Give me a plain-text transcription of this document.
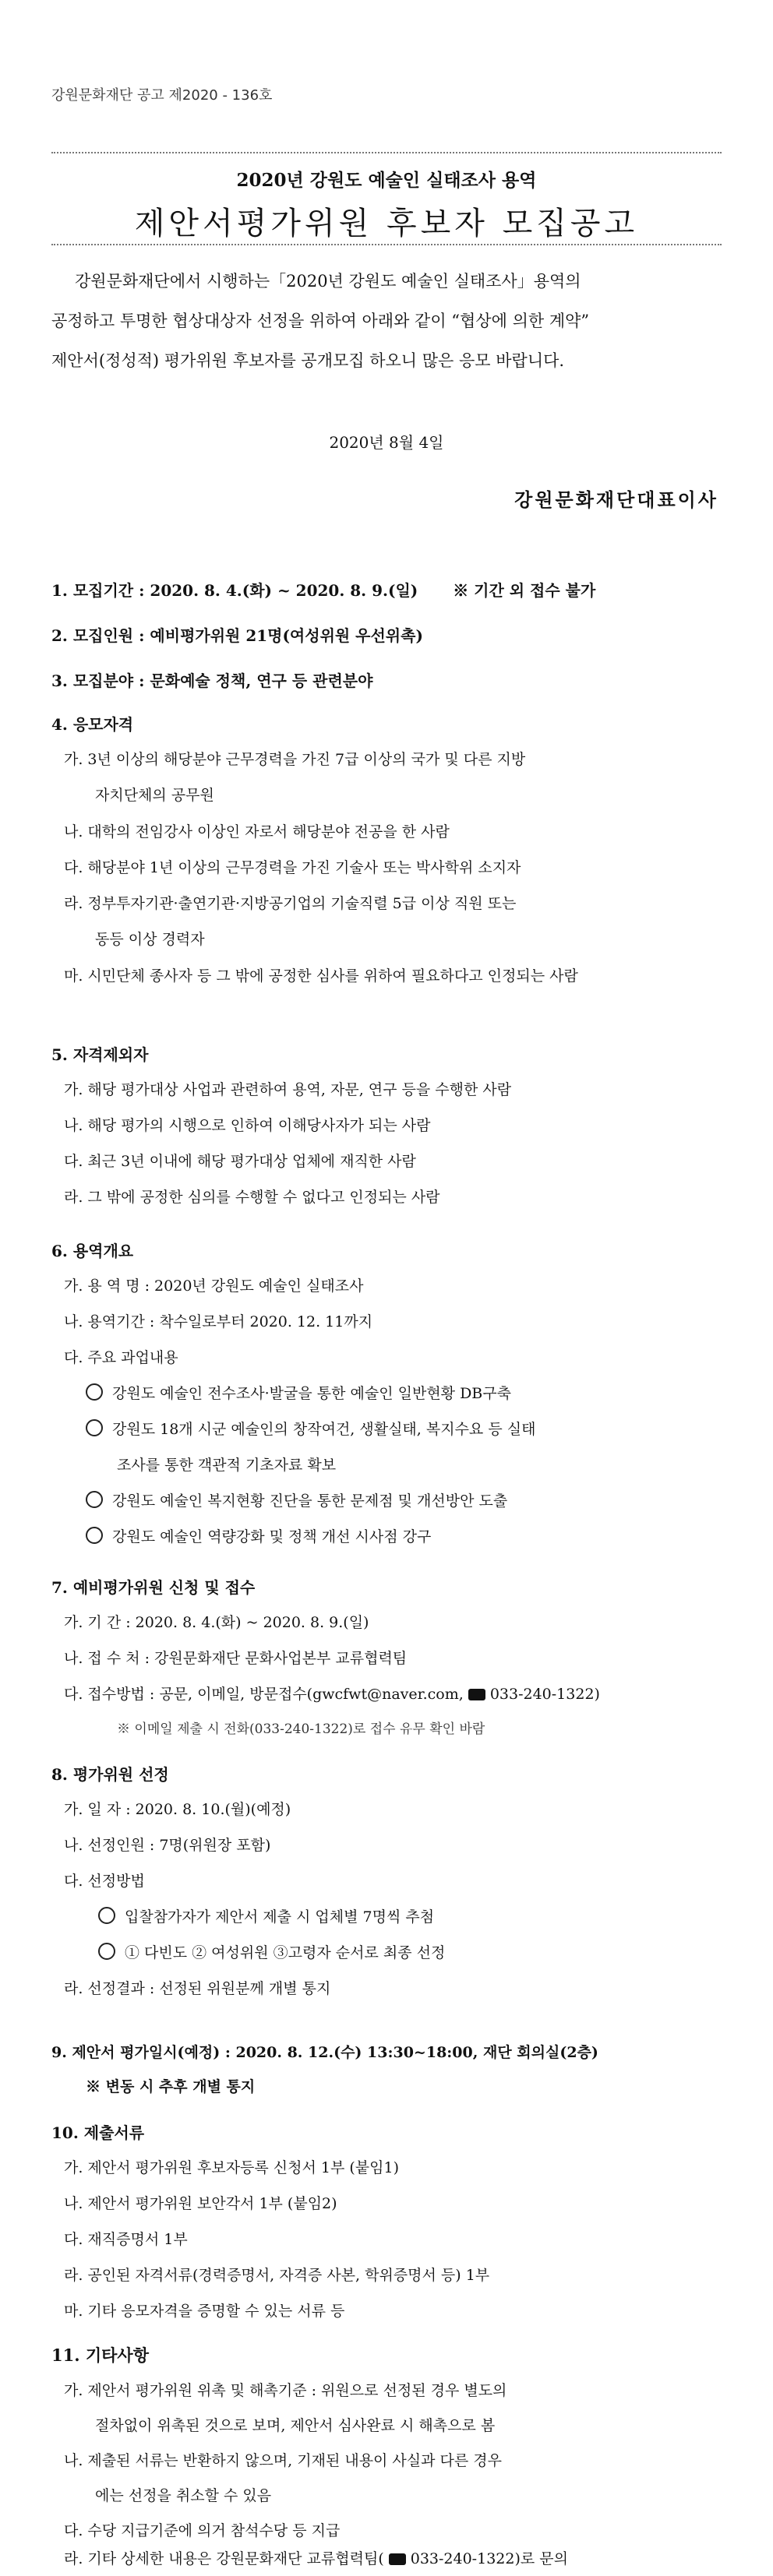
강원문화재단 공고 제2020 - 136호
2020년 강원도 예술인 실태조사 용역
제안서평가위원 후보자 모집공고
강원문화재단에서 시행하는「2020년 강원도 예술인 실태조사」용역의
공정하고 투명한 협상대상자 선정을 위하여 아래와 같이 “협상에 의한 계약”
제안서(정성적) 평가위원 후보자를 공개모집 하오니 많은 응모 바랍니다.
2020년 8월 4일
강원문화재단대표이사
1. 모집기간 : 2020. 8. 4.(화) ~ 2020. 8. 9.(일) ※ 기간 외 접수 불가
2. 모집인원 : 예비평가위원 21명(여성위원 우선위촉)
3. 모집분야 : 문화예술 정책, 연구 등 관련분야
4. 응모자격
가. 3년 이상의 해당분야 근무경력을 가진 7급 이상의 국가 및 다른 지방
자치단체의 공무원
나. 대학의 전임강사 이상인 자로서 해당분야 전공을 한 사람
다. 해당분야 1년 이상의 근무경력을 가진 기술사 또는 박사학위 소지자
라. 정부투자기관·출연기관·지방공기업의 기술직렬 5급 이상 직원 또는
동등 이상 경력자
마. 시민단체 종사자 등 그 밖에 공정한 심사를 위하여 필요하다고 인정되는 사람
5. 자격제외자
가. 해당 평가대상 사업과 관련하여 용역, 자문, 연구 등을 수행한 사람
나. 해당 평가의 시행으로 인하여 이해당사자가 되는 사람
다. 최근 3년 이내에 해당 평가대상 업체에 재직한 사람
라. 그 밖에 공정한 심의를 수행할 수 없다고 인정되는 사람
6. 용역개요
가. 용 역 명 : 2020년 강원도 예술인 실태조사
나. 용역기간 : 착수일로부터 2020. 12. 11까지
다. 주요 과업내용
강원도 예술인 전수조사·발굴을 통한 예술인 일반현황 DB구축
강원도 18개 시군 예술인의 창작여건, 생활실태, 복지수요 등 실태
조사를 통한 객관적 기초자료 확보
강원도 예술인 복지현황 진단을 통한 문제점 및 개선방안 도출
강원도 예술인 역량강화 및 정책 개선 시사점 강구
7. 예비평가위원 신청 및 접수
가. 기 간 : 2020. 8. 4.(화) ~ 2020. 8. 9.(일)
나. 접 수 처 : 강원문화재단 문화사업본부 교류협력팀
다. 접수방법 : 공문, 이메일, 방문접수(gwcfwt@naver.com, 033-240-1322)
※ 이메일 제출 시 전화(033-240-1322)로 접수 유무 확인 바람
8. 평가위원 선정
가. 일 자 : 2020. 8. 10.(월)(예정)
나. 선정인원 : 7명(위원장 포함)
다. 선정방법
입찰참가자가 제안서 제출 시 업체별 7명씩 추첨
① 다빈도 ② 여성위원 ③고령자 순서로 최종 선정
라. 선정결과 : 선정된 위원분께 개별 통지
9. 제안서 평가일시(예정) : 2020. 8. 12.(수) 13:30~18:00, 재단 회의실(2층)
※ 변동 시 추후 개별 통지
10. 제출서류
가. 제안서 평가위원 후보자등록 신청서 1부 (붙임1)
나. 제안서 평가위원 보안각서 1부 (붙임2)
다. 재직증명서 1부
라. 공인된 자격서류(경력증명서, 자격증 사본, 학위증명서 등) 1부
마. 기타 응모자격을 증명할 수 있는 서류 등
11. 기타사항
가. 제안서 평가위원 위촉 및 해촉기준 : 위원으로 선정된 경우 별도의
절차없이 위촉된 것으로 보며, 제안서 심사완료 시 해촉으로 봄
나. 제출된 서류는 반환하지 않으며, 기재된 내용이 사실과 다른 경우
에는 선정을 취소할 수 있음
다. 수당 지급기준에 의거 참석수당 등 지급
라. 기타 상세한 내용은 강원문화재단 교류협력팀( 033-240-1322)로 문의
